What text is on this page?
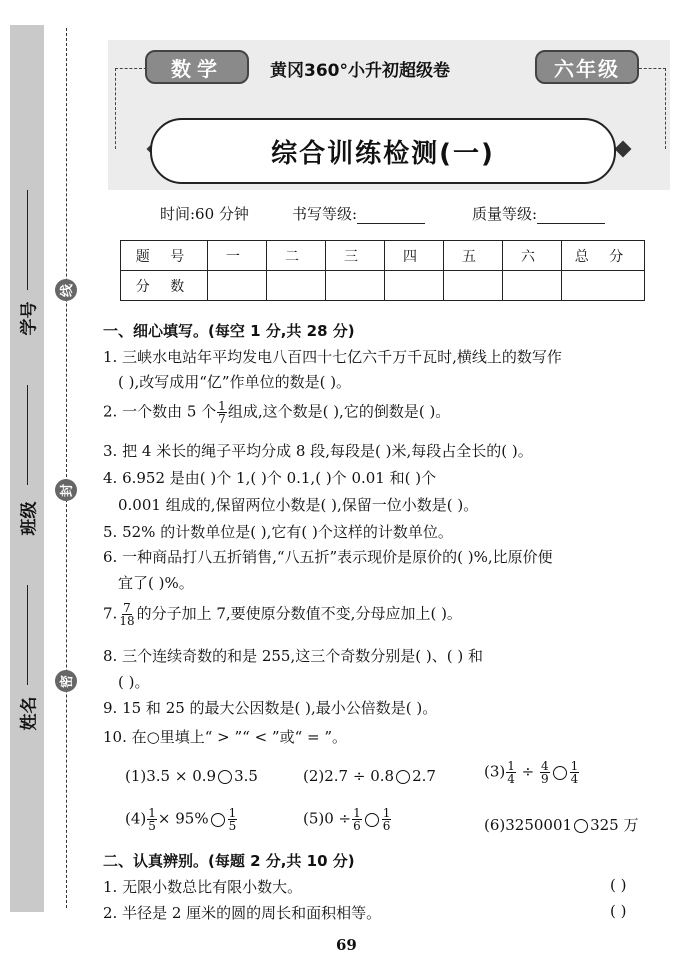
学号
班级
姓名
线
封
密
数学	黄冈360°小升初超级卷	六年级
综合训练检测(一)
时间:60 分钟	书写等级:	质量等级:
题 号	一	二	三	四	五	六	总 分
分 数							
一、细心填写。(每空 1 分,共 28 分)
1. 三峡水电站年平均发电八百四十七亿六千万千瓦时,横线上的数写作
( ),改写成用“亿”作单位的数是( )。
2. 一个数由 5 个 $\frac{1}{7}$ 组成,这个数是( ),它的倒数是( )。
3. 把 4 米长的绳子平均分成 8 段,每段是( )米,每段占全长的( )。
4. 6.952 是由( )个 1,( )个 0.1,( )个 0.01 和( )个
0.001 组成的,保留两位小数是( ),保留一位小数是( )。
5. 52% 的计数单位是( ),它有( )个这样的计数单位。
6. 一种商品打八五折销售,“八五折”表示现价是原价的( )%,比原价便
宜了( )%。
7. $\frac{7}{18}$ 的分子加上 7,要使原分数值不变,分母应加上( )。
8. 三个连续奇数的和是 255,这三个奇数分别是( )、( ) 和
( )。
9. 15 和 25 的最大公因数是( ),最小公倍数是( )。
10. 在○里填上“ > ”“ < ”或“ = ”。
(1)3.5 × 0.9 3.5	(2)2.7 ÷ 0.8 2.7	$(3) \frac{1}{4} \div \frac{4}{9} \frac{1}{4}$
$(4) \frac{1}{5} \times 95\% \frac{1}{5}$	$(5)0 \div \frac{1}{6} \frac{1}{6}$	(6)3250001 325 万
二、认真辨别。(每题 2 分,共 10 分)
1. 无限小数总比有限小数大。	( )
2. 半径是 2 厘米的圆的周长和面积相等。	( )
69
